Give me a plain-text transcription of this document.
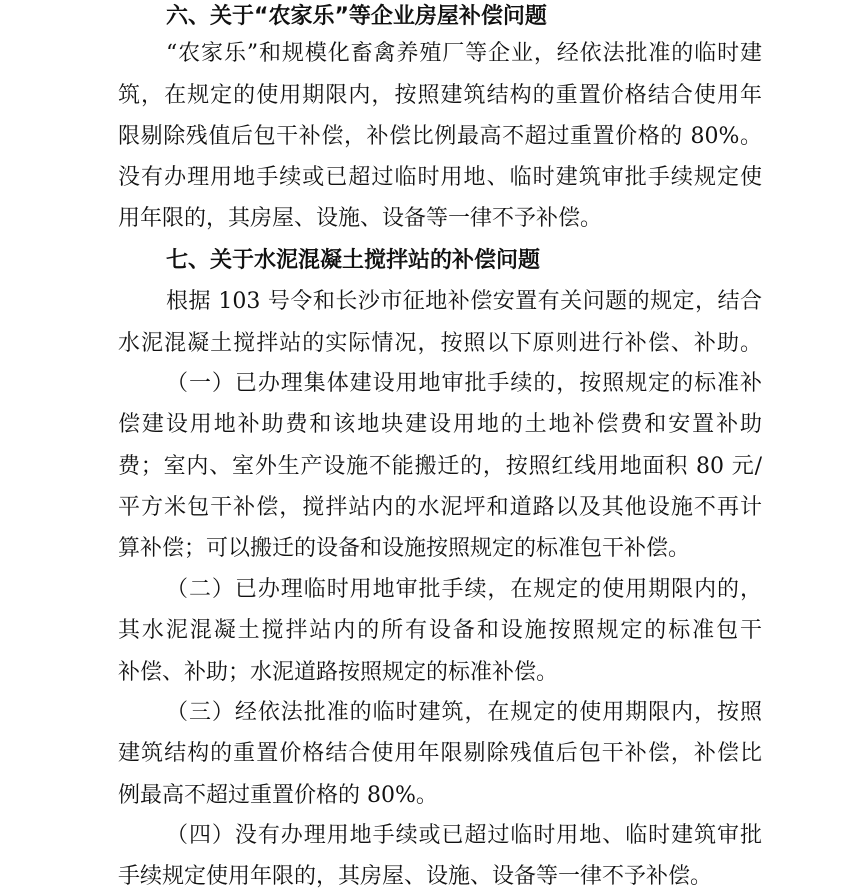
六、关于“农家乐”等企业房屋补偿问题
“农家乐”和规模化畜禽养殖厂等企业，经依法批准的临时建
筑，在规定的使用期限内，按照建筑结构的重置价格结合使用年
限剔除残值后包干补偿，补偿比例最高不超过重置价格的 80%。
没有办理用地手续或已超过临时用地、临时建筑审批手续规定使
用年限的，其房屋、设施、设备等一律不予补偿。
七、关于水泥混凝土搅拌站的补偿问题
根据 103 号令和长沙市征地补偿安置有关问题的规定，结合
水泥混凝土搅拌站的实际情况，按照以下原则进行补偿、补助。
（一）已办理集体建设用地审批手续的，按照规定的标准补
偿建设用地补助费和该地块建设用地的土地补偿费和安置补助
费；室内、室外生产设施不能搬迁的，按照红线用地面积 80 元/
平方米包干补偿，搅拌站内的水泥坪和道路以及其他设施不再计
算补偿；可以搬迁的设备和设施按照规定的标准包干补偿。
（二）已办理临时用地审批手续，在规定的使用期限内的，
其水泥混凝土搅拌站内的所有设备和设施按照规定的标准包干
补偿、补助；水泥道路按照规定的标准补偿。
（三）经依法批准的临时建筑，在规定的使用期限内，按照
建筑结构的重置价格结合使用年限剔除残值后包干补偿，补偿比
例最高不超过重置价格的 80%。
（四）没有办理用地手续或已超过临时用地、临时建筑审批
手续规定使用年限的，其房屋、设施、设备等一律不予补偿。
